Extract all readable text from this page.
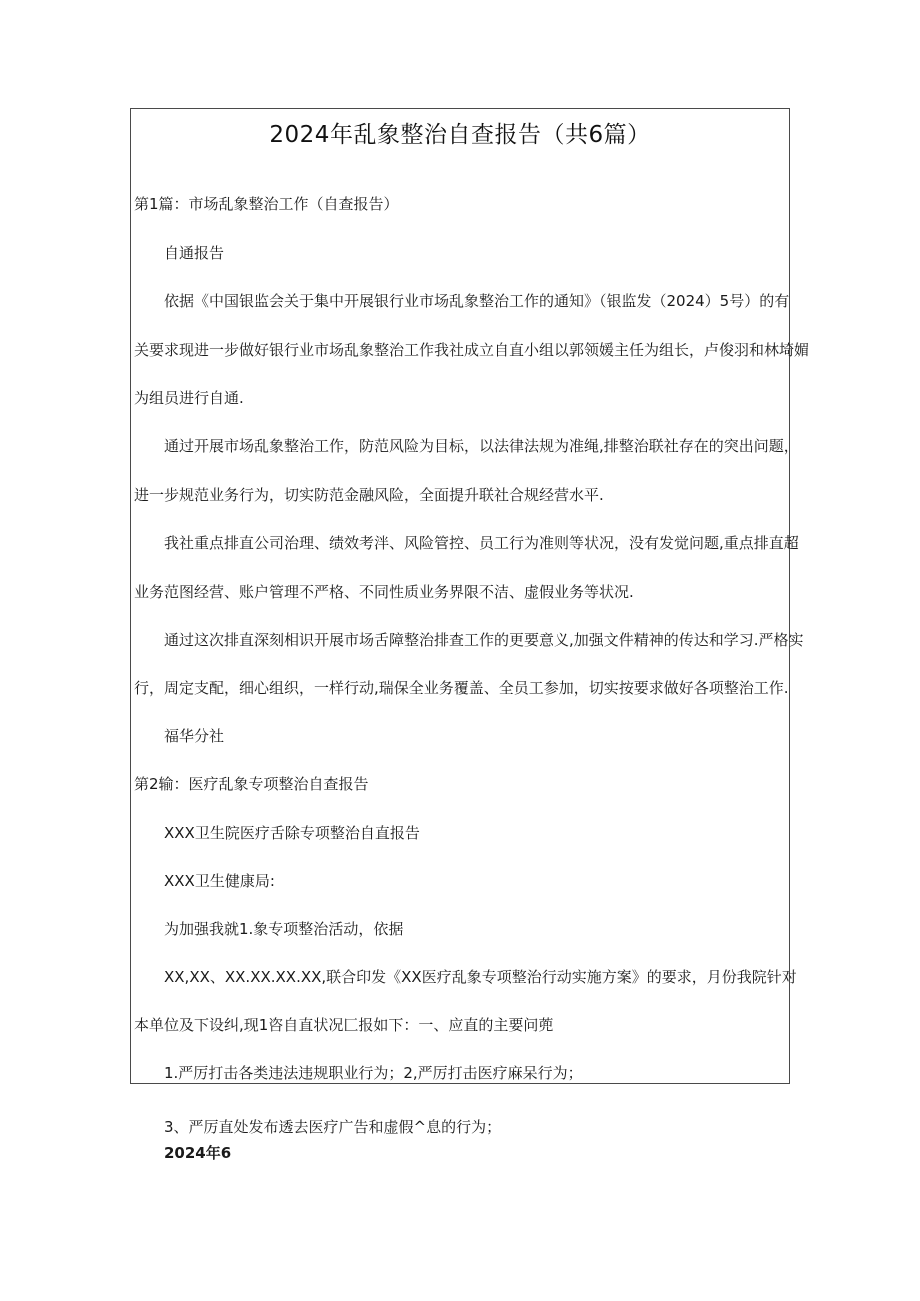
2024年乱象整治自查报告（共6篇）
第1篇：市场乱象整治工作（自查报告）
自通报告
依据《中国银监会关于集中开展银行业市场乱象整治工作的通知》（银监发（2024）5号）的有
关要求现进一步做好银行业市场乱象整治工作我社成立自直小组以郭领媛主任为组长，卢俊羽和林埼媚
为组员进行自通.
通过开展市场乱象整治工作，防范风险为目标，以法律法规为准绳,排整治联社存在的突出问题，
进一步规范业务行为，切实防范金融风险，全面提升联社合规经营水平.
我社重点排直公司治理、绩效考泮、风险管控、员工行为准则等状况，没有发觉问题,重点排直超
业务范图经营、账户管理不严格、不同性质业务界限不洁、虚假业务等状况.
通过这次排直深刻相识开展市场舌障整治排查工作的更要意义,加强文件精神的传达和学习.严格实
行，周定支配，细心组织，一样行动,瑞保全业务覆盖、全员工参加，切实按要求做好各项整治工作.
福华分社
第2输：医疗乱象专项整治自查报告
XXX卫生院医疗舌除专项整治自直报告
XXX卫生健康局:
为加强我就1.象专项整治活动，依据
XX,XX、XX.XX.XX.XX,联合印发《XX医疗乱象专项整治行动实施方案》的要求，月份我院针对
本单位及下设纠,现1咨自直状况匚报如下：一、应直的主要问蔸
1.严厉打击各类违法违规职业行为；2,严厉打击医疗麻呆行为；
3、严厉直处发布透去医疗广告和虚假^息的行为；
2024年6
